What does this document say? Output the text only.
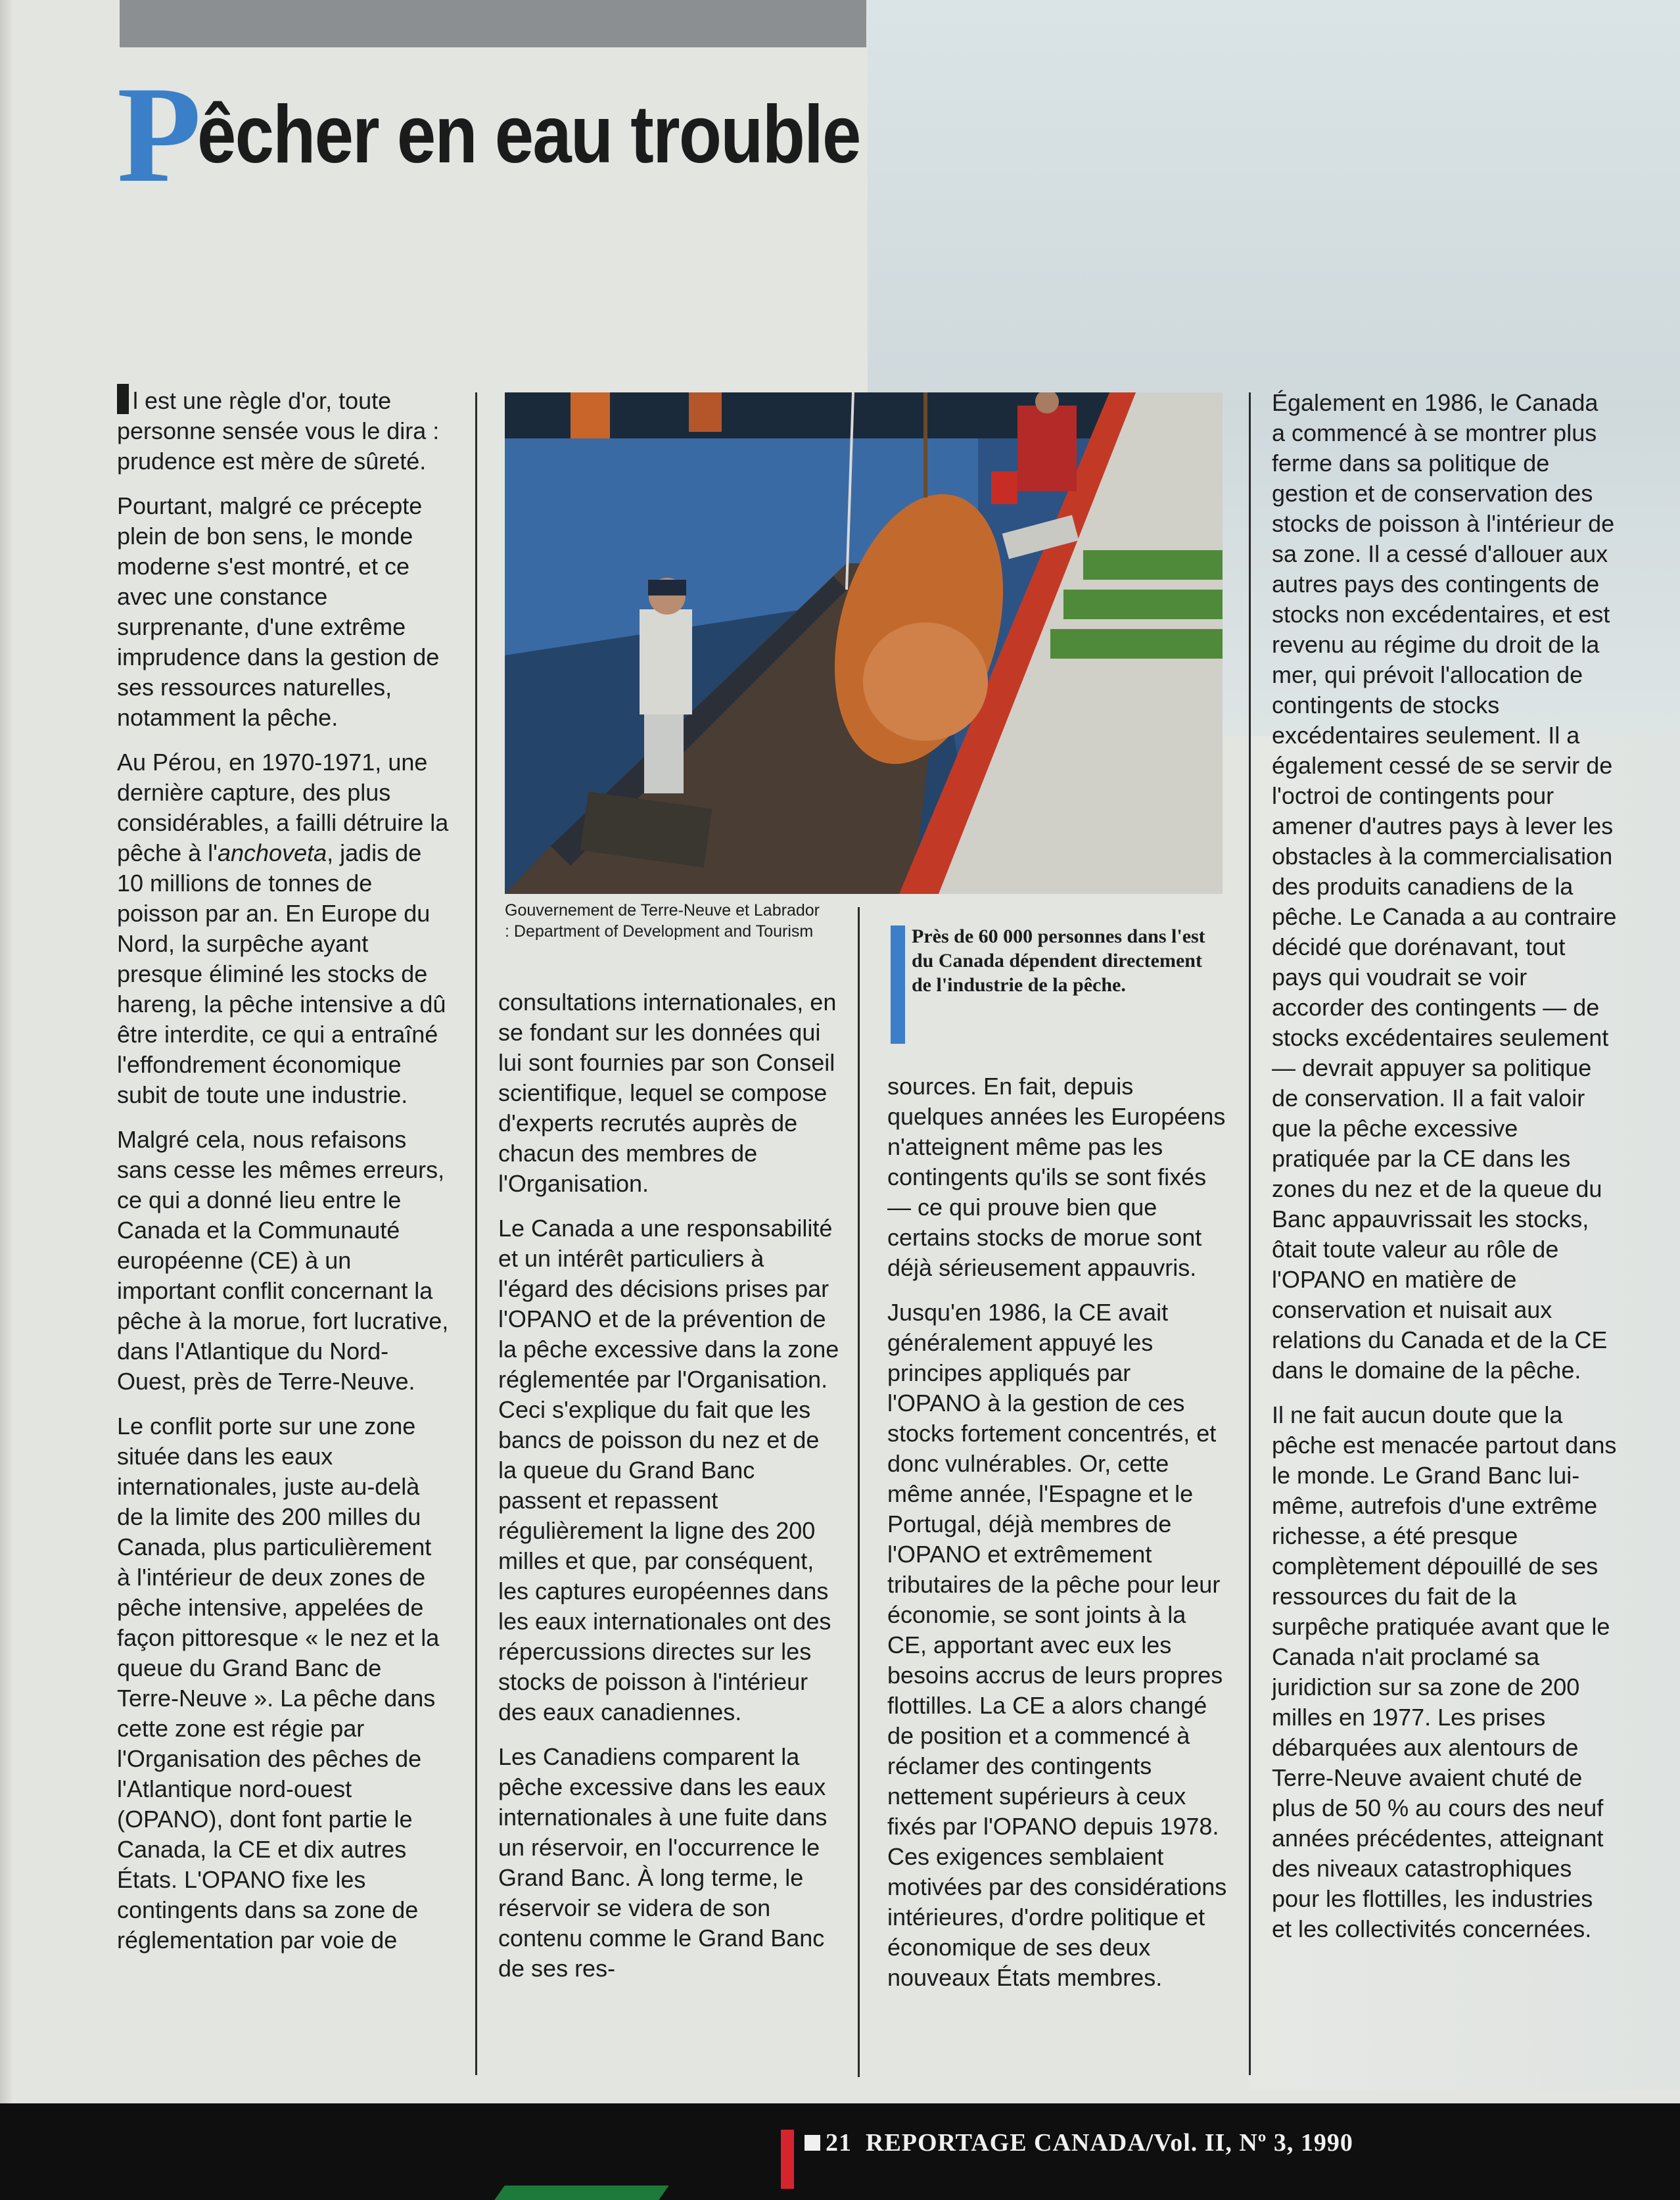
Pêcher en eau trouble

l est une règle d'or, toute personne sensée vous le dira : prudence est mère de sûreté.

Pourtant, malgré ce précepte plein de bon sens, le monde moderne s'est montré, et ce avec une constance surprenante, d'une extrême imprudence dans la gestion de ses ressources naturelles, notamment la pêche.

Au Pérou, en 1970-1971, une dernière capture, des plus considérables, a failli détruire la pêche à l'anchoveta, jadis de 10 millions de tonnes de poisson par an. En Europe du Nord, la surpêche ayant presque éliminé les stocks de hareng, la pêche intensive a dû être interdite, ce qui a entraîné l'effondrement économique subit de toute une industrie.

Malgré cela, nous refaisons sans cesse les mêmes erreurs, ce qui a donné lieu entre le Canada et la Communauté européenne (CE) à un important conflit concernant la pêche à la morue, fort lucrative, dans l'Atlantique du Nord-Ouest, près de Terre-Neuve.

Le conflit porte sur une zone située dans les eaux internationales, juste au-delà de la limite des 200 milles du Canada, plus particulièrement à l'intérieur de deux zones de pêche intensive, appelées de façon pittoresque « le nez et la queue du Grand Banc de Terre-Neuve ». La pêche dans cette zone est régie par l'Organisation des pêches de l'Atlantique nord-ouest (OPANO), dont font partie le Canada, la CE et dix autres États. L'OPANO fixe les contingents dans sa zone de réglementation par voie de

Gouvernement de Terre-Neuve et Labrador : Department of Development and Tourism	Près de 60 000 personnes dans l'est du Canada dépendent directement de l'industrie de la pêche.

consultations internationales, en se fondant sur les données qui lui sont fournies par son Conseil scientifique, lequel se compose d'experts recrutés auprès de chacun des membres de l'Organisation.

Le Canada a une responsabilité et un intérêt particuliers à l'égard des décisions prises par l'OPANO et de la prévention de la pêche excessive dans la zone réglementée par l'Organisation. Ceci s'explique du fait que les bancs de poisson du nez et de la queue du Grand Banc passent et repassent régulièrement la ligne des 200 milles et que, par conséquent, les captures européennes dans les eaux internationales ont des répercussions directes sur les stocks de poisson à l'intérieur des eaux canadiennes.

Les Canadiens comparent la pêche excessive dans les eaux internationales à une fuite dans un réservoir, en l'occurrence le Grand Banc. À long terme, le réservoir se videra de son contenu comme le Grand Banc de ses res-

sources. En fait, depuis quelques années les Européens n'atteignent même pas les contingents qu'ils se sont fixés — ce qui prouve bien que certains stocks de morue sont déjà sérieusement appauvris.

Jusqu'en 1986, la CE avait généralement appuyé les principes appliqués par l'OPANO à la gestion de ces stocks fortement concentrés, et donc vulnérables. Or, cette même année, l'Espagne et le Portugal, déjà membres de l'OPANO et extrêmement tributaires de la pêche pour leur économie, se sont joints à la CE, apportant avec eux les besoins accrus de leurs propres flottilles. La CE a alors changé de position et a commencé à réclamer des contingents nettement supérieurs à ceux fixés par l'OPANO depuis 1978. Ces exigences semblaient motivées par des considérations intérieures, d'ordre politique et économique de ses deux nouveaux États membres.

Également en 1986, le Canada a commencé à se montrer plus ferme dans sa politique de gestion et de conservation des stocks de poisson à l'intérieur de sa zone. Il a cessé d'allouer aux autres pays des contingents de stocks non excédentaires, et est revenu au régime du droit de la mer, qui prévoit l'allocation de contingents de stocks excédentaires seulement. Il a également cessé de se servir de l'octroi de contingents pour amener d'autres pays à lever les obstacles à la commercialisation des produits canadiens de la pêche. Le Canada a au contraire décidé que dorénavant, tout pays qui voudrait se voir accorder des contingents — de stocks excédentaires seulement — devrait appuyer sa politique de conservation. Il a fait valoir que la pêche excessive pratiquée par la CE dans les zones du nez et de la queue du Banc appauvrissait les stocks, ôtait toute valeur au rôle de l'OPANO en matière de conservation et nuisait aux relations du Canada et de la CE dans le domaine de la pêche.

Il ne fait aucun doute que la pêche est menacée partout dans le monde. Le Grand Banc lui-même, autrefois d'une extrême richesse, a été presque complètement dépouillé de ses ressources du fait de la surpêche pratiquée avant que le Canada n'ait proclamé sa juridiction sur sa zone de 200 milles en 1977. Les prises débarquées aux alentours de Terre-Neuve avaient chuté de plus de 50 % au cours des neuf années précédentes, atteignant des niveaux catastrophiques pour les flottilles, les industries et les collectivités concernées.

21 REPORTAGE CANADA/Vol. II, Nº 3, 1990
